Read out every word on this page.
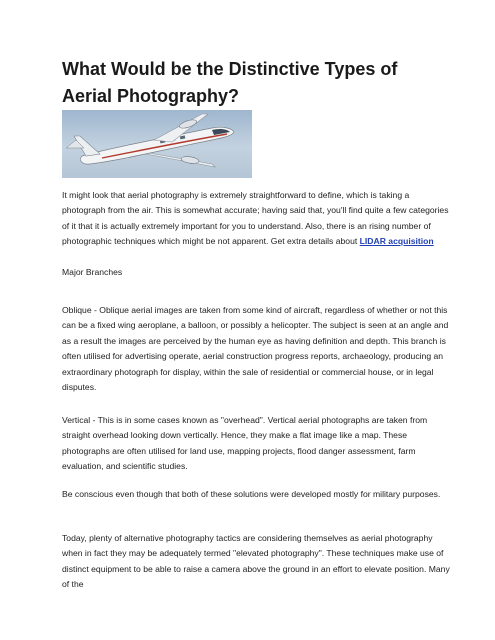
What Would be the Distinctive Types of Aerial Photography?

It might look that aerial photography is extremely straightforward to define, which is taking a photograph from the air. This is somewhat accurate; having said that, you'll find quite a few categories of it that it is actually extremely important for you to understand. Also, there is an rising number of photographic techniques which might be not apparent. Get extra details about LIDAR acquisition

Major Branches

Oblique - Oblique aerial images are taken from some kind of aircraft, regardless of whether or not this can be a fixed wing aeroplane, a balloon, or possibly a helicopter. The subject is seen at an angle and as a result the images are perceived by the human eye as having definition and depth. This branch is often utilised for advertising operate, aerial construction progress reports, archaeology, producing an extraordinary photograph for display, within the sale of residential or commercial house, or in legal disputes.

Vertical - This is in some cases known as "overhead". Vertical aerial photographs are taken from straight overhead looking down vertically. Hence, they make a flat image like a map. These photographs are often utilised for land use, mapping projects, flood danger assessment, farm evaluation, and scientific studies.

Be conscious even though that both of these solutions were developed mostly for military purposes.

Today, plenty of alternative photography tactics are considering themselves as aerial photography when in fact they may be adequately termed "elevated photography". These techniques make use of distinct equipment to be able to raise a camera above the ground in an effort to elevate position. Many of the
